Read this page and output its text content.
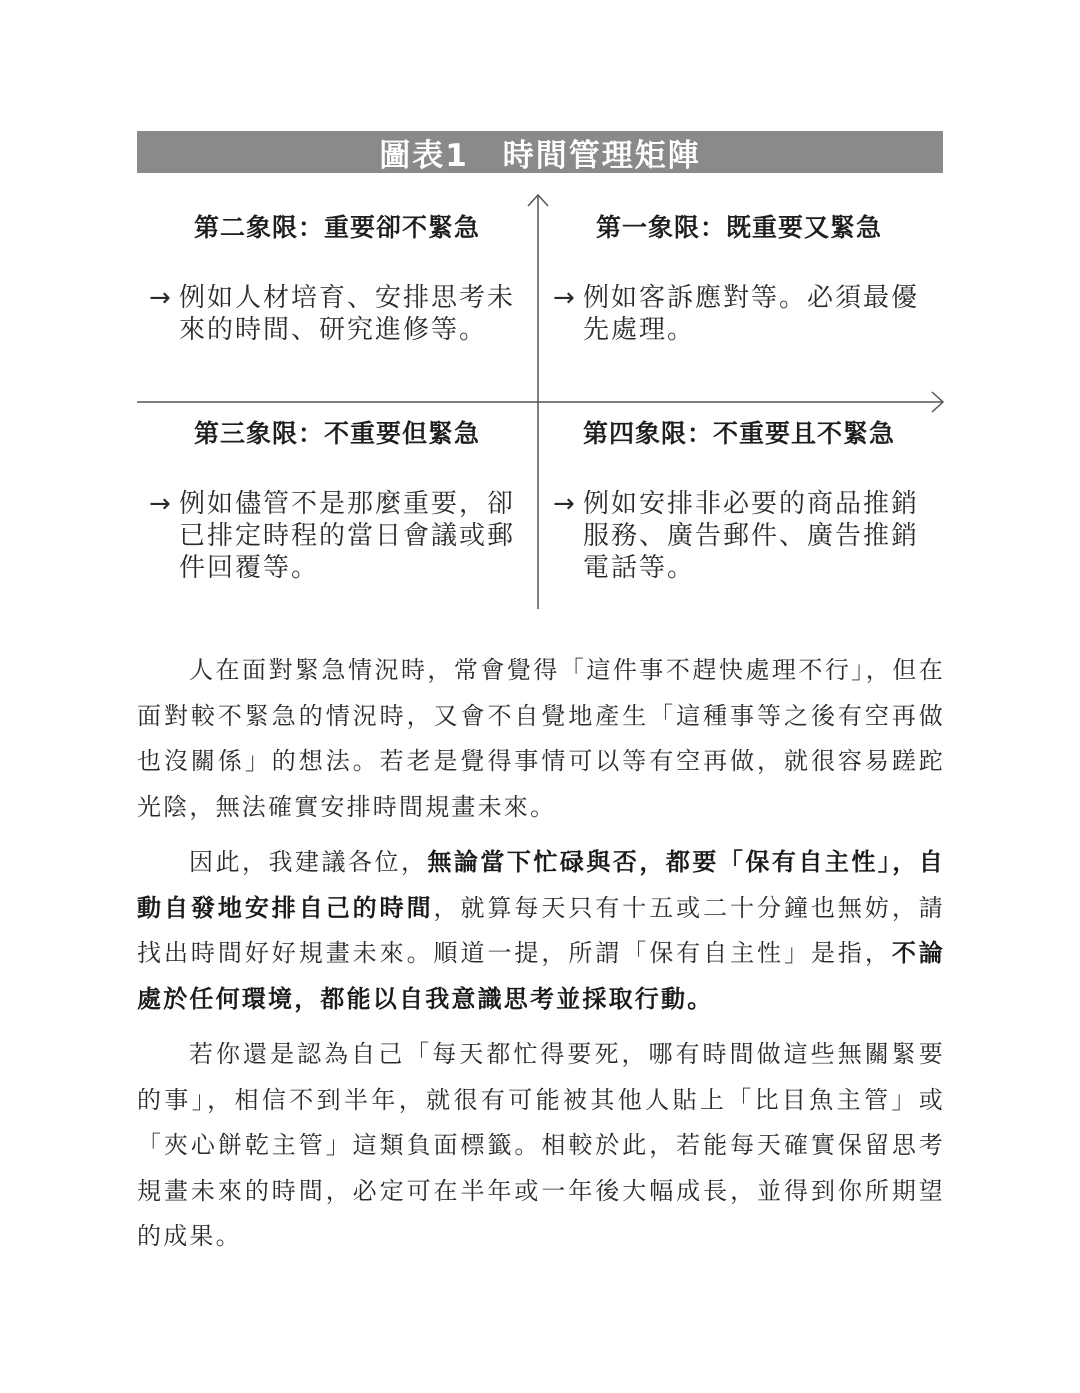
圖表1 時間管理矩陣
第二象限：重要卻不緊急
→ 例如人材培育、安排思考未
來的時間、研究進修等。
第一象限：既重要又緊急
→ 例如客訴應對等。必須最優
先處理。
第三象限：不重要但緊急
→ 例如儘管不是那麼重要，卻
已排定時程的當日會議或郵
件回覆等。
第四象限：不重要且不緊急
→ 例如安排非必要的商品推銷
服務、廣告郵件、廣告推銷
電話等。

人在面對緊急情況時，常會覺得「這件事不趕快處理不行」，但在面對較不緊急的情況時，又會不自覺地產生「這種事等之後有空再做也沒關係」的想法。若老是覺得事情可以等有空再做，就很容易蹉跎光陰，無法確實安排時間規畫未來。

因此，我建議各位，無論當下忙碌與否，都要「保有自主性」，自動自發地安排自己的時間，就算每天只有十五或二十分鐘也無妨，請找出時間好好規畫未來。順道一提，所謂「保有自主性」是指，不論處於任何環境，都能以自我意識思考並採取行動。

若你還是認為自己「每天都忙得要死，哪有時間做這些無關緊要的事」，相信不到半年，就很有可能被其他人貼上「比目魚主管」或「夾心餅乾主管」這類負面標籤。相較於此，若能每天確實保留思考規畫未來的時間，必定可在半年或一年後大幅成長，並得到你所期望的成果。
